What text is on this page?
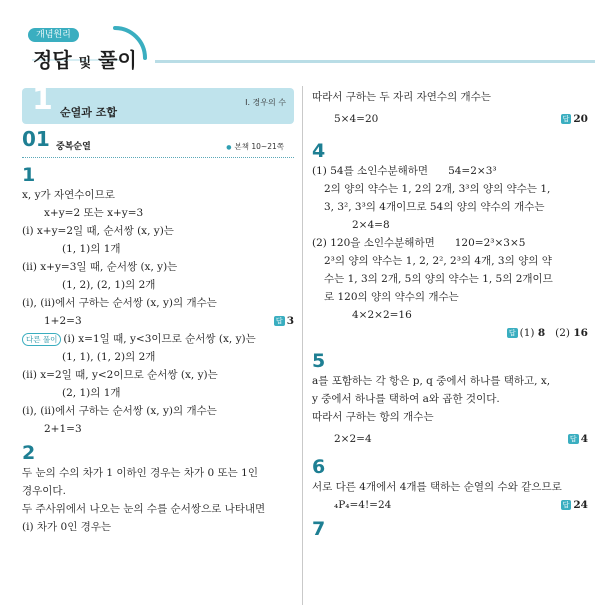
개념원리
정답 및 풀이
1 순열과 조합
I. 경우의 수
01 중복순열
●	본책 10~21쪽
1
x, y가 자연수이므로
x+y=2 또는 x+y=3
(i) x+y=2일 때, 순서쌍 (x, y)는
(1, 1)의 1개
(ii) x+y=3일 때, 순서쌍 (x, y)는
(1, 2), (2, 1)의 2개
(i), (ii)에서 구하는 순서쌍 (x, y)의 개수는
1+2=3	답 3
다른 풀이 (i) x=1일 때, y<3이므로 순서쌍 (x, y)는
(1, 1), (1, 2)의 2개
(ii) x=2일 때, y<2이므로 순서쌍 (x, y)는
(2, 1)의 1개
(i), (ii)에서 구하는 순서쌍 (x, y)의 개수는
2+1=3
2
두 눈의 수의 차가 1 이하인 경우는 차가 0 또는 1인
경우이다.
두 주사위에서 나오는 눈의 수를 순서쌍으로 나타내면
(i) 차가 0인 경우는
따라서 구하는 두 자리 자연수의 개수는
5×4=20	답 20
4
(1) 54를 소인수분해하면 54=2×3³
2의 양의 약수는 1, 2의 2개, 3³의 양의 약수는 1,
3, 3², 3³의 4개이므로 54의 양의 약수의 개수는
2×4=8
(2) 120을 소인수분해하면 120=2³×3×5
2³의 양의 약수는 1, 2, 2², 2³의 4개, 3의 양의 약
수는 1, 3의 2개, 5의 양의 약수는 1, 5의 2개이므
로 120의 양의 약수의 개수는
4×2×2=16
답 (1) 8 (2) 16
5
a를 포함하는 각 항은 p, q 중에서 하나를 택하고, x,
y 중에서 하나를 택하여 a와 곱한 것이다.
따라서 구하는 항의 개수는
2×2=4	답 4
6
서로 다른 4개에서 4개를 택하는 순열의 수와 같으므로
₄P₄=4!=24	답 24
7
